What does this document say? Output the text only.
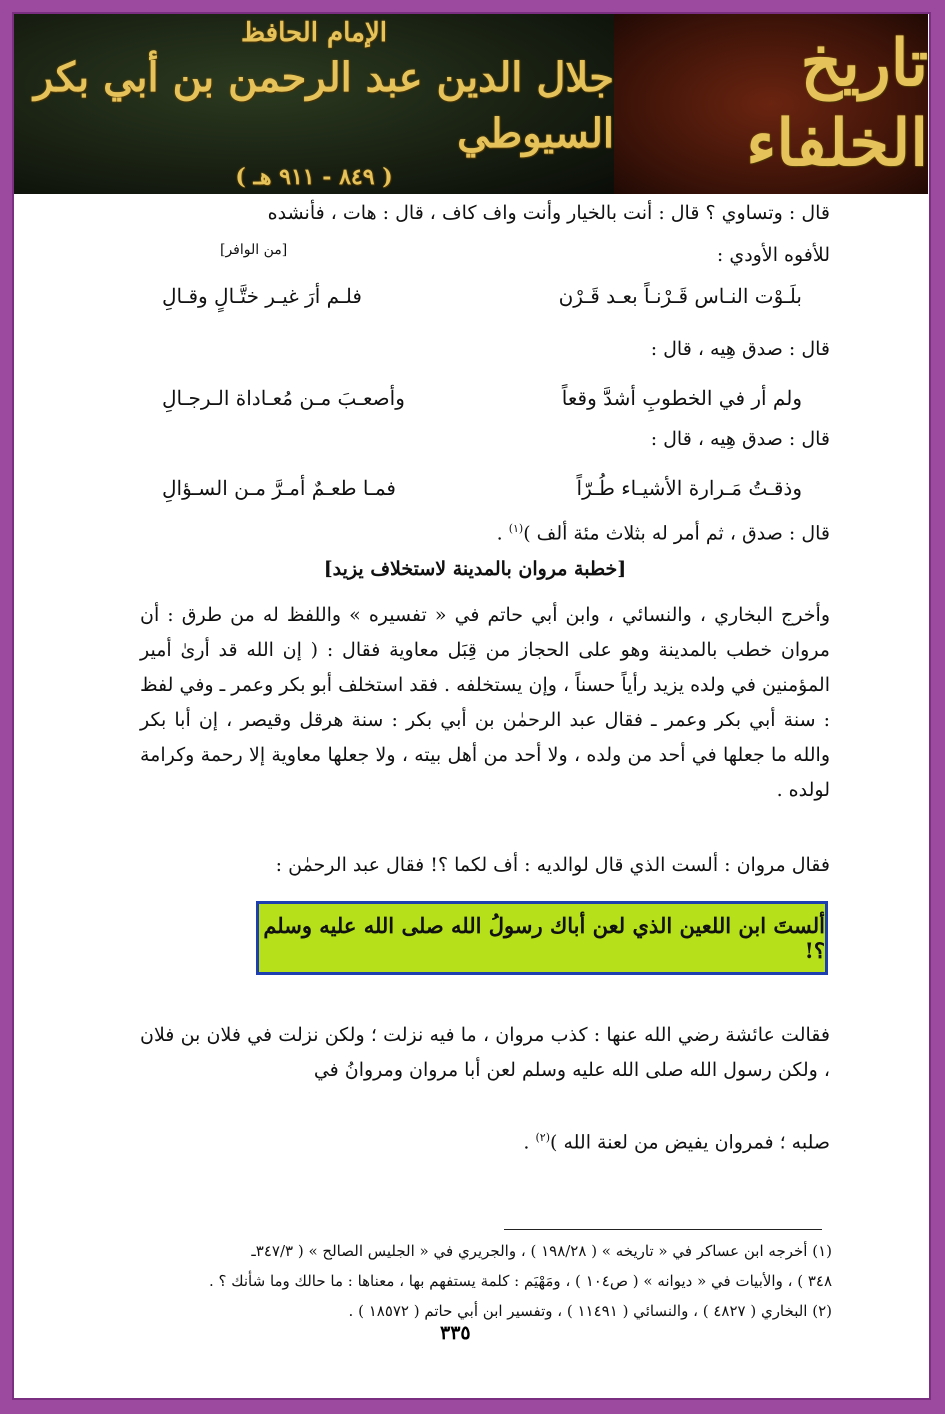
الإمام الحافظ
جلال الدين عبد الرحمن بن أبي بكر السيوطي
( ٨٤٩ - ٩١١ هـ )
تاريخ الخلفاء
قال : وتساوي ؟ قال : أنت بالخيار وأنت واف كاف ، قال : هات ، فأنشده
للأفوه الأودي :
[من الوافر]
بلَـوْت النـاس قَـرْنـاً بعـد قَـرْن
فلـم أرَ غيـر ختَّـالٍ وقـالِ
قال : صدق هِيه ، قال :
ولم أر في الخطوبِ أشدَّ وقعاً
وأصعـبَ مـن مُعـاداة الـرجـالِ
قال : صدق هِيه ، قال :
وذقـتُ مَـرارة الأشيـاء طُـرّاً
فمـا طعـمٌ أمـرَّ مـن السـؤالِ
قال : صدق ، ثم أمر له بثلاث مئة ألف )$^{(١)}$ .
[خطبة مروان بالمدينة لاستخلاف يزيد]
وأخرج البخاري ، والنسائي ، وابن أبي حاتم في « تفسيره » واللفظ له من طرق : أن مروان خطب بالمدينة وهو على الحجاز من قِبَل معاوية فقال : ( إن الله قد أرىٰ أمير المؤمنين في ولده يزيد رأياً حسناً ، وإن يستخلفه . فقد استخلف أبو بكر وعمر ـ وفي لفظ : سنة أبي بكر وعمر ـ فقال عبد الرحمٰن بن أبي بكر : سنة هرقل وقيصر ، إن أبا بكر والله ما جعلها في أحد من ولده ، ولا أحد من أهل بيته ، ولا جعلها معاوية إلا رحمة وكرامة لولده .
فقال مروان : ألست الذي قال لوالديه : أف لكما ؟! فقال عبد الرحمٰن :
فقالت عائشة رضي الله عنها : كذب مروان ، ما فيه نزلت ؛ ولكن نزلت في فلان بن فلان ، ولكن رسول الله صلى الله عليه وسلم لعن أبا مروان ومروانُ في
صلبه ؛ فمروان يفيض من لعنة الله )$^{(٢)}$ .
ألستَ ابن اللعين الذي لعن أباك رسولُ الله صلى الله عليه وسلم ؟!
(١) أخرجه ابن عساكر في « تاريخه » ( ١٩٨/٢٨ ) ، والجريري في « الجليس الصالح » ( ٣٤٧/٣ـ
٣٤٨ ) ، والأبيات في « ديوانه » ( ص١٠٤ ) ، ومَهْيَم : كلمة يستفهم بها ، معناها : ما حالك وما شأنك ؟ .
(٢) البخاري ( ٤٨٢٧ ) ، والنسائي ( ١١٤٩١ ) ، وتفسير ابن أبي حاتم ( ١٨٥٧٢ ) .
٣٣٥
